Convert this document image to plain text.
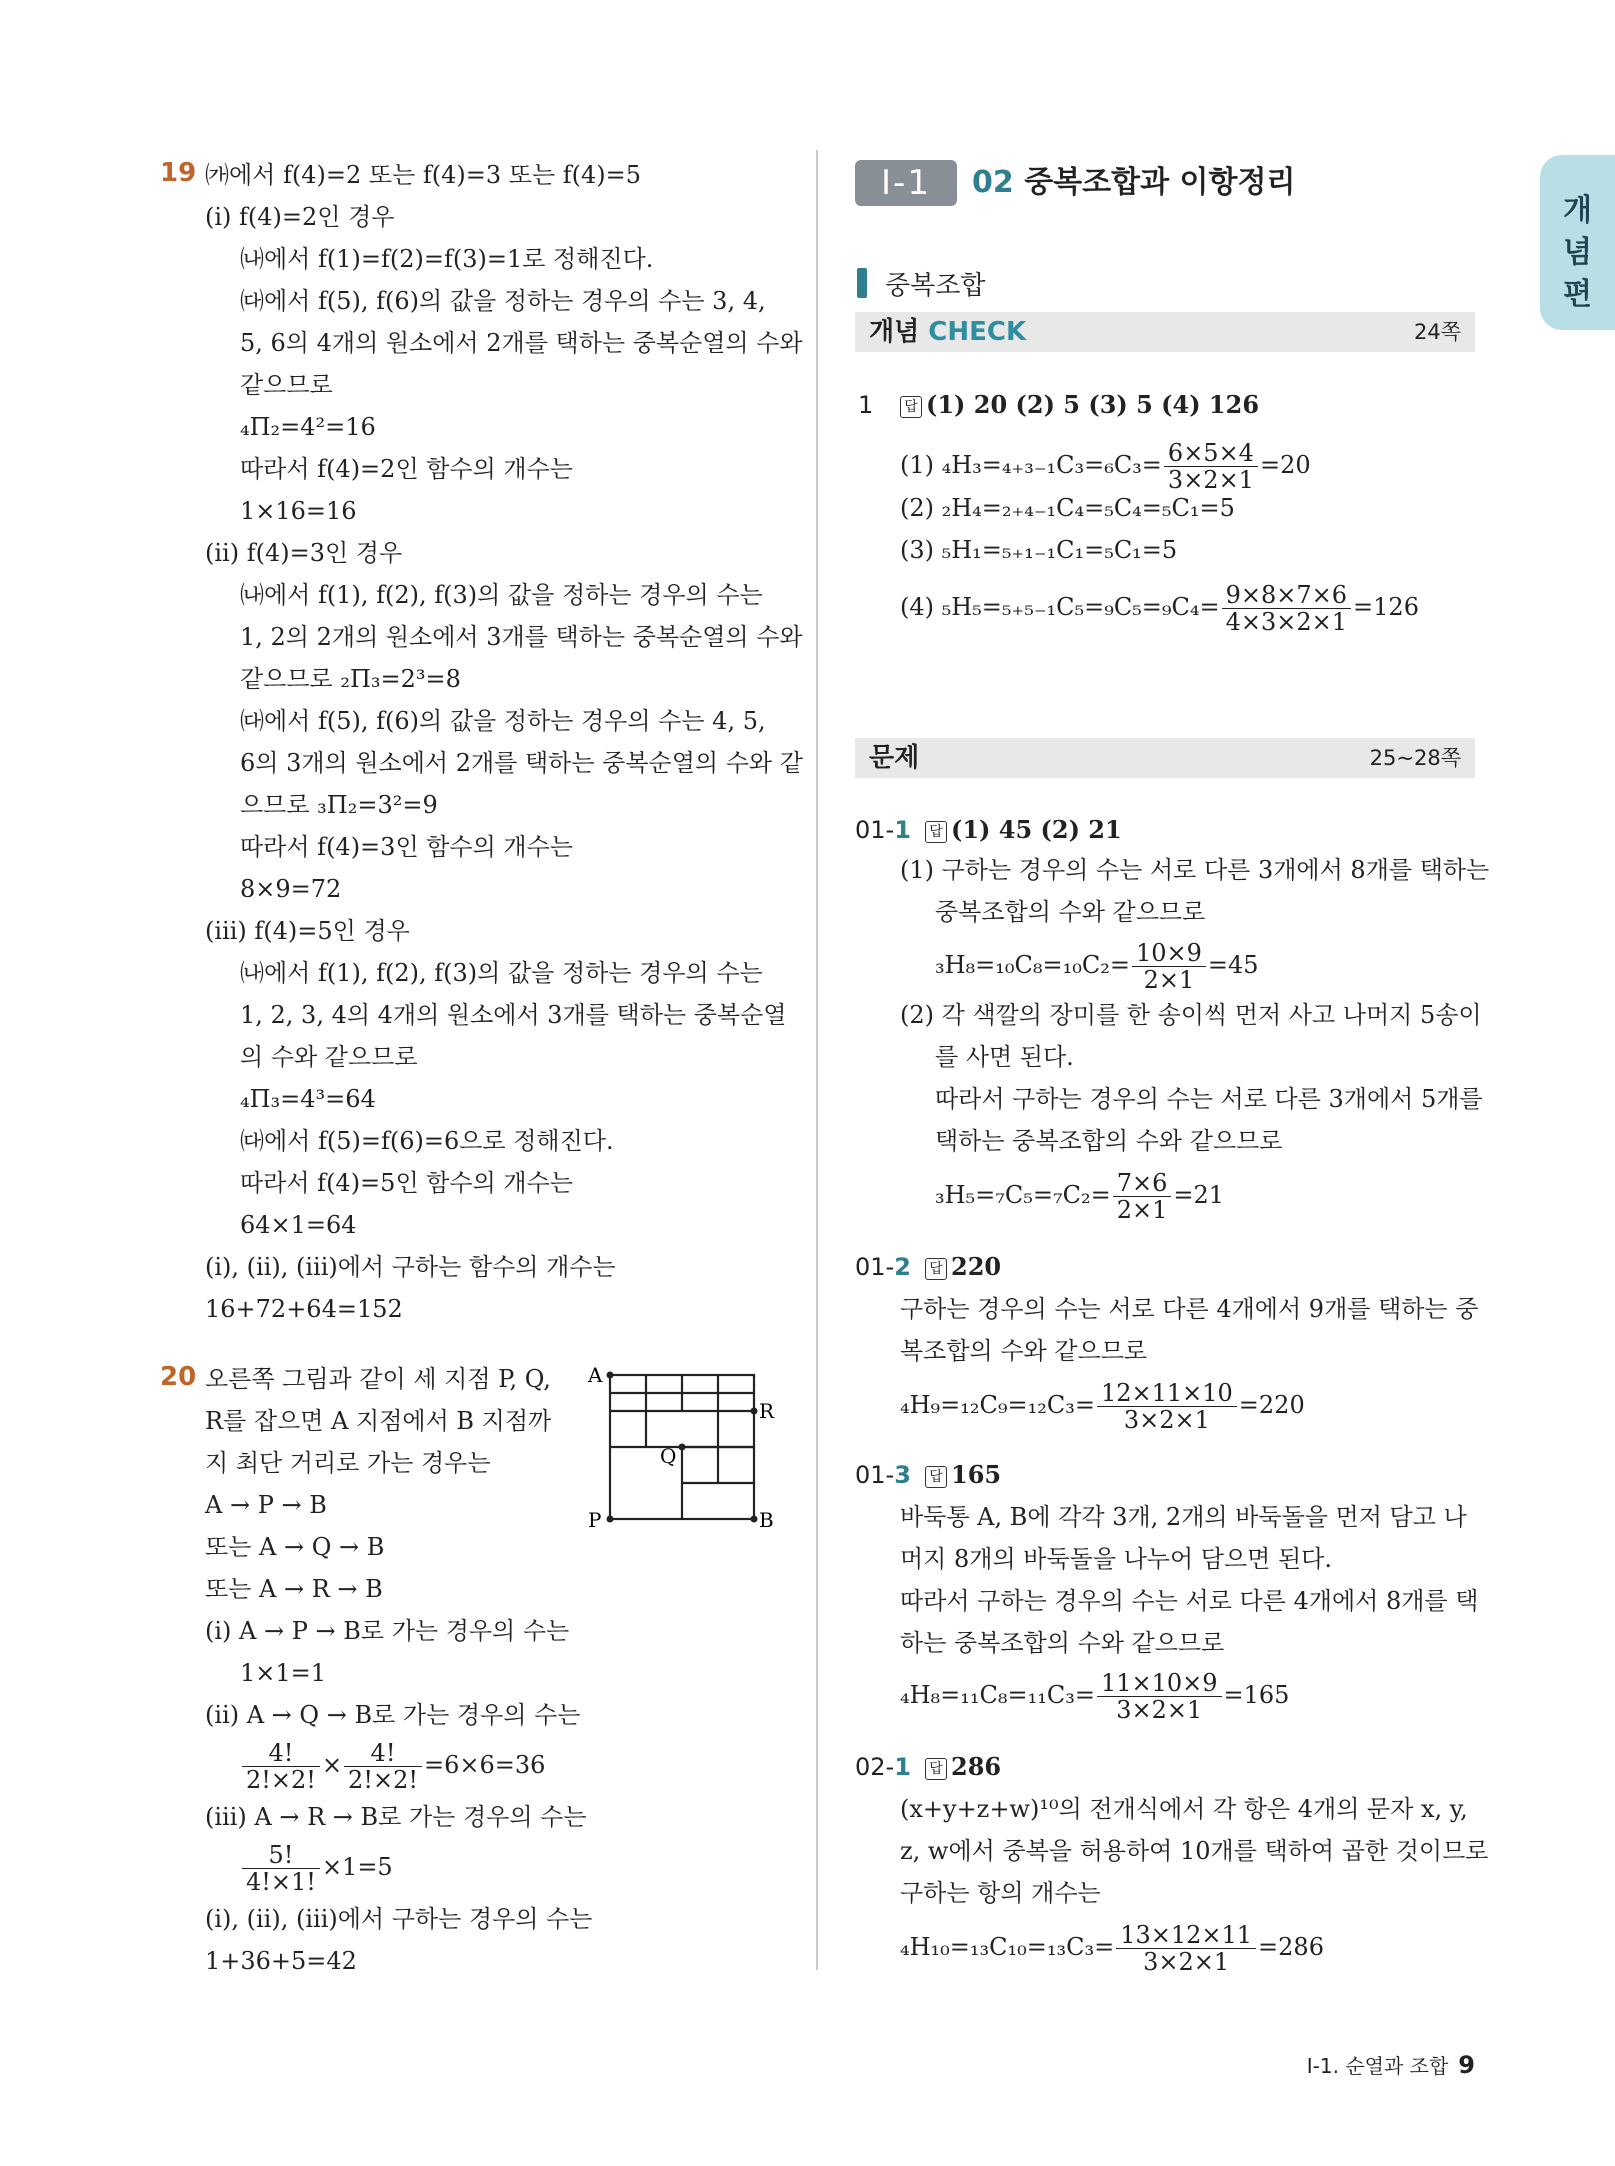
개
념
편
Ⅰ-1	02 중복조합과 이항정리
중복조합
개념 CHECK	24쪽
문제	25~28쪽
19 ㈎에서 f(4)=2 또는 f(4)=3 또는 f(4)=5
(ⅰ) f(4)=2인 경우
㈏에서 f(1)=f(2)=f(3)=1로 정해진다.
㈐에서 f(5), f(6)의 값을 정하는 경우의 수는 3, 4,
5, 6의 4개의 원소에서 2개를 택하는 중복순열의 수와
같으므로
₄Π₂=4²=16
따라서 f(4)=2인 함수의 개수는
1×16=16
(ⅱ) f(4)=3인 경우
㈏에서 f(1), f(2), f(3)의 값을 정하는 경우의 수는
1, 2의 2개의 원소에서 3개를 택하는 중복순열의 수와
같으므로 ₂Π₃=2³=8
㈐에서 f(5), f(6)의 값을 정하는 경우의 수는 4, 5,
6의 3개의 원소에서 2개를 택하는 중복순열의 수와 같
으므로 ₃Π₂=3²=9
따라서 f(4)=3인 함수의 개수는
8×9=72
(ⅲ) f(4)=5인 경우
㈏에서 f(1), f(2), f(3)의 값을 정하는 경우의 수는
1, 2, 3, 4의 4개의 원소에서 3개를 택하는 중복순열
의 수와 같으므로
₄Π₃=4³=64
㈐에서 f(5)=f(6)=6으로 정해진다.
따라서 f(4)=5인 함수의 개수는
64×1=64
(ⅰ), (ⅱ), (ⅲ)에서 구하는 함수의 개수는
16+72+64=152
20 오른쪽 그림과 같이 세 지점 P, Q,
R를 잡으면 A 지점에서 B 지점까
지 최단 거리로 가는 경우는
A → P → B
또는 A → Q → B
또는 A → R → B
(ⅰ) A → P → B로 가는 경우의 수는
1×1=1
(ⅱ) A → Q → B로 가는 경우의 수는
$\frac{4!}{2!\times 2!} \times \frac{4!}{2!\times 2!} =6\times 6=36$
(ⅲ) A → R → B로 가는 경우의 수는
$\frac{5!}{4!\times 1!} \times 1=5$
(ⅰ), (ⅱ), (ⅲ)에서 구하는 경우의 수는
1+36+5=42
A
R
Q
P	B
1	답 (1) 20 (2) 5 (3) 5 (4) 126
(1) $_4H_3=_{4+3-1}C_3=_6C_3= \frac{6\times 5\times 4}{3\times 2\times 1} =20$
(2) ₂H₄=₂₊₄₋₁C₄=₅C₄=₅C₁=5
(3) ₅H₁=₅₊₁₋₁C₁=₅C₁=5
(4) $_5H_5=_{5+5-1}C_5=_9C_5=_9C_4= \frac{9\times 8\times 7\times 6}{4\times 3\times 2\times 1} =126$
01-1	답 (1) 45 (2) 21
(1) 구하는 경우의 수는 서로 다른 3개에서 8개를 택하는
중복조합의 수와 같으므로
$_3H_8=_{10}C_8=_{10}C_2= \frac{10\times 9}{2\times 1} =45$
(2) 각 색깔의 장미를 한 송이씩 먼저 사고 나머지 5송이
를 사면 된다.
따라서 구하는 경우의 수는 서로 다른 3개에서 5개를
택하는 중복조합의 수와 같으므로
$_3H_5=_7C_5=_7C_2= \frac{7\times 6}{2\times 1} =21$
01-2	답 220
구하는 경우의 수는 서로 다른 4개에서 9개를 택하는 중
복조합의 수와 같으므로
$_4H_9=_{12}C_9=_{12}C_3= \frac{12\times 11\times 10}{3\times 2\times 1} =220$
01-3	답 165
바둑통 A, B에 각각 3개, 2개의 바둑돌을 먼저 담고 나
머지 8개의 바둑돌을 나누어 담으면 된다.
따라서 구하는 경우의 수는 서로 다른 4개에서 8개를 택
하는 중복조합의 수와 같으므로
$_4H_8=_{11}C_8=_{11}C_3= \frac{11\times 10\times 9}{3\times 2\times 1} =165$
02-1	답 286
(x+y+z+w)¹⁰의 전개식에서 각 항은 4개의 문자 x, y,
z, w에서 중복을 허용하여 10개를 택하여 곱한 것이므로
구하는 항의 개수는
$_4H_{10}=_{13}C_{10}=_{13}C_3= \frac{13\times 12\times 11}{3\times 2\times 1} =286$
Ⅰ-1. 순열과 조합 9
